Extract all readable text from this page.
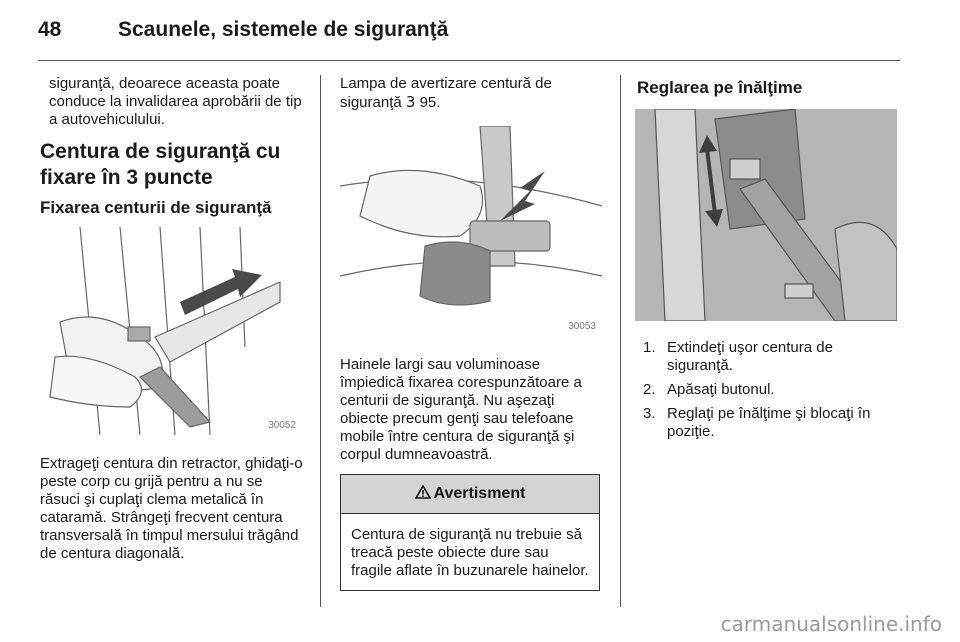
48	Scaunele, sistemele de siguranţă

siguranţă, deoarece aceasta poate conduce la invalidarea aprobării de tip a autovehiculului.

Centura de siguranţă cu fixare în 3 puncte
Fixarea centurii de siguranţă
30052

Extrageţi centura din retractor, ghidaţi-o peste corp cu grijă pentru a nu se răsuci şi cuplaţi clema metalică în cataramă. Strângeţi frecvent centura transversală în timpul mersului trăgând de centura diagonală.

Lampa de avertizare centură de siguranţă 3 95.

30053

Hainele largi sau voluminoase împiedică fixarea corespunzătoare a centurii de siguranţă. Nu aşezaţi obiecte precum genţi sau telefoane mobile între centura de siguranţă şi corpul dumneavoastră.

Avertisment
Centura de siguranţă nu trebuie să treacă peste obiecte dure sau fragile aflate în buzunarele hainelor.
Reglarea pe înălţime
1. Extindeţi uşor centura de siguranţă.
2. Apăsaţi butonul.
3. Reglaţi pe înălţime şi blocaţi în poziţie.
carmanualsonline.info
